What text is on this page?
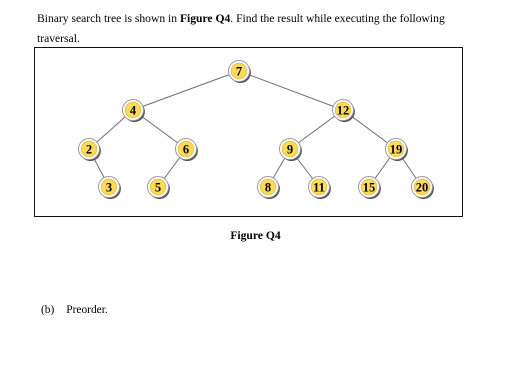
Binary search tree is shown in Figure Q4. Find the result while executing the following
traversal.

7
4	12
2	6	9	19
3	5	8	11	15	20

Figure Q4

(b) Preorder.
